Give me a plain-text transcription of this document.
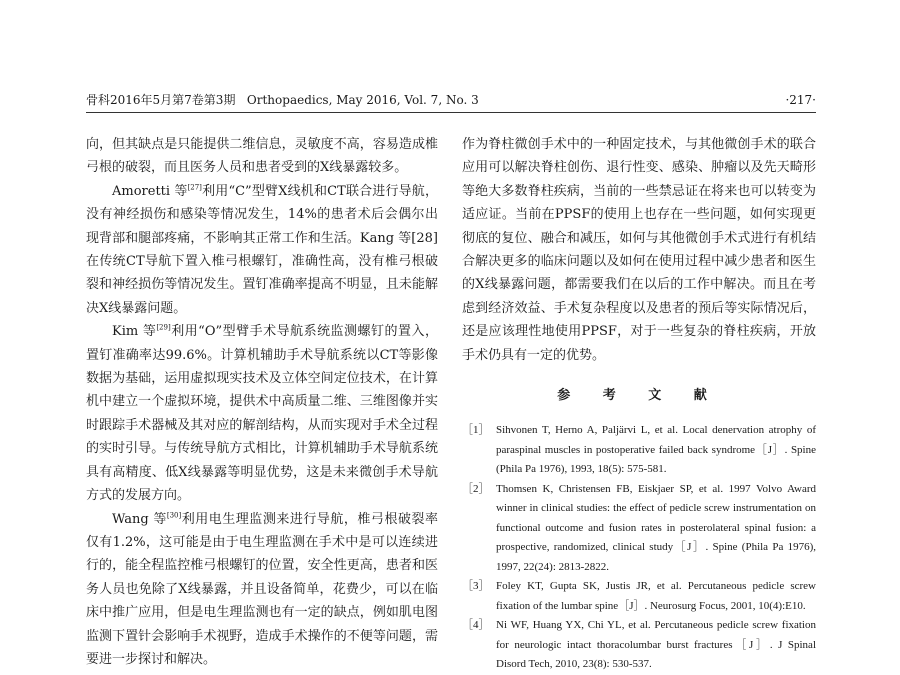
骨科2016年5月第7卷第3期 Orthopaedics, May 2016, Vol. 7, No. 3	·217·

向，但其缺点是只能提供二维信息，灵敏度不高，容易造成椎弓根的破裂，而且医务人员和患者受到的X线暴露较多。

Amoretti 等[27]利用“C”型臂X线机和CT联合进行导航，没有神经损伤和感染等情况发生，14%的患者术后会偶尔出现背部和腿部疼痛，不影响其正常工作和生活。Kang 等[28]在传统CT导航下置入椎弓根螺钉，准确性高，没有椎弓根破裂和神经损伤等情况发生。置钉准确率提高不明显，且未能解决X线暴露问题。

Kim 等[29]利用“O”型臂手术导航系统监测螺钉的置入，置钉准确率达99.6%。计算机辅助手术导航系统以CT等影像数据为基础，运用虚拟现实技术及立体空间定位技术，在计算机中建立一个虚拟环境，提供术中高质量二维、三维图像并实时跟踪手术器械及其对应的解剖结构，从而实现对手术全过程的实时引导。与传统导航方式相比，计算机辅助手术导航系统具有高精度、低X线暴露等明显优势，这是未来微创手术导航方式的发展方向。

Wang 等[30]利用电生理监测来进行导航，椎弓根破裂率仅有1.2%，这可能是由于电生理监测在手术中是可以连续进行的，能全程监控椎弓根螺钉的位置，安全性更高，患者和医务人员也免除了X线暴露，并且设备简单，花费少，可以在临床中推广应用，但是电生理监测也有一定的缺点，例如肌电图监测下置针会影响手术视野，造成手术操作的不便等问题，需要进一步探讨和解决。

作为脊柱微创手术中的一种固定技术，与其他微创手术的联合应用可以解决脊柱创伤、退行性变、感染、肿瘤以及先天畸形等绝大多数脊柱疾病，当前的一些禁忌证在将来也可以转变为适应证。当前在PPSF的使用上也存在一些问题，如何实现更彻底的复位、融合和减压，如何与其他微创手术式进行有机结合解决更多的临床问题以及如何在使用过程中减少患者和医生的X线暴露问题，都需要我们在以后的工作中解决。而且在考虑到经济效益、手术复杂程度以及患者的预后等实际情况后，还是应该理性地使用PPSF，对于一些复杂的脊柱疾病，开放手术仍具有一定的优势。

参 考 文 献

［1］ Sihvonen T, Herno A, Paljärvi L, et al. Local denervation atrophy of paraspinal muscles in postoperative failed back syndrome［J］. Spine (Phila Pa 1976), 1993, 18(5): 575-581.

［2］ Thomsen K, Christensen FB, Eiskjaer SP, et al. 1997 Volvo Award winner in clinical studies: the effect of pedicle screw instrumentation on functional outcome and fusion rates in posterolateral spinal fusion: a prospective, randomized, clinical study［J］. Spine (Phila Pa 1976), 1997, 22(24): 2813-2822.

［3］ Foley KT, Gupta SK, Justis JR, et al. Percutaneous pedicle screw fixation of the lumbar spine［J］. Neurosurg Focus, 2001, 10(4):E10.

［4］ Ni WF, Huang YX, Chi YL, et al. Percutaneous pedicle screw fixation for neurologic intact thoracolumbar burst fractures［J］. J Spinal Disord Tech, 2010, 23(8): 530-537.
